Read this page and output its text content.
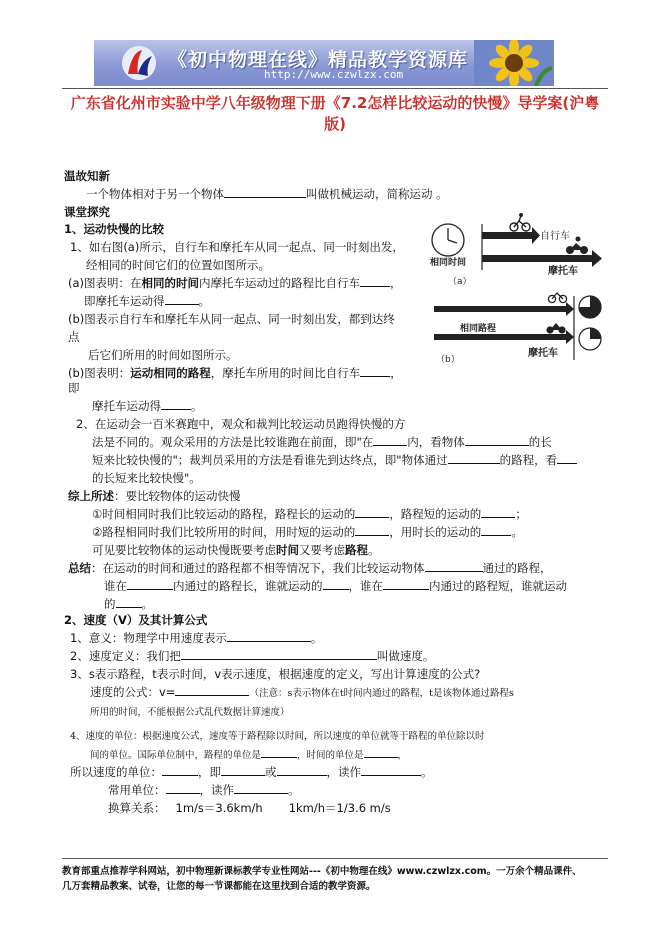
《初中物理在线》精品教学资源库
http://www.czwlzx.com
广东省化州市实验中学八年级物理下册《7.2怎样比较运动的快慢》导学案(沪粤版)
温故知新
一个物体相对于另一个物体	叫做机械运动，简称运动 。
课堂探究
1、运动快慢的比较
1、如右图(a)所示，自行车和摩托车从同一起点、同一时刻出发，
经相同的时间它们的位置如图所示。
(a)图表明：在相同的时间内摩托车运动过的路程比自行车	，
即摩托车运动得	。
(b)图表示自行车和摩托车从同一起点、同一时刻出发，都到达终
点
后它们所用的时间如图所示。
(b)图表明：运动相同的路程，摩托车所用的时间比自行车	，
即
摩托车运动得	。
2、在运动会一百米赛跑中，观众和裁判比较运动员跑得快慢的方
法是不同的。观众采用的方法是比较谁跑在前面，即"在	内，看物体	的长
短来比较快慢的"；裁判员采用的方法是看谁先到达终点，即"物体通过	的路程，看
的长短来比较快慢"。
综上所述：要比较物体的运动快慢
①时间相同时我们比较运动的路程，路程长的运动的	，路程短的运动的	；
②路程相同时我们比较所用的时间，用时短的运动的	，用时长的运动的	。
可见要比较物体的运动快慢既要考虑时间又要考虑路程。
总结：在运动的时间和通过的路程都不相等情况下，我们比较运动物体	通过的路程，
谁在	内通过的路程长，谁就运动的 ，谁在	内通过的路程短，谁就运动
的 。
2、速度（V）及其计算公式
1、意义：物理学中用速度表示	。
2、速度定义：我们把	叫做速度。
3、s表示路程，t表示时间，v表示速度，根据速度的定义，写出计算速度的公式?
速度的公式：v=	（注意：s表示物体在t时间内通过的路程，t是该物体通过路程s
所用的时间，不能根据公式乱代数据计算速度）
4、速度的单位：根据速度公式，速度等于路程除以时间，所以速度的单位就等于路程的单位除以时
间的单位。国际单位制中，路程的单位是	，时间的单位是	，
所以速度的单位：	，即	或	，读作	。
常用单位：	，读作	。
换算关系： 1m/s＝3.6km/h 1km/h＝1/3.6 m/s
自行车
摩托车
相同时间
（a）
相同路程
摩托车
（b）
教育部重点推荐学科网站，初中物理新课标教学专业性网站---《初中物理在线》www.czwlzx.com。一万余个精品课件、
几万套精品教案、试卷，让您的每一节课都能在这里找到合适的教学资源。
